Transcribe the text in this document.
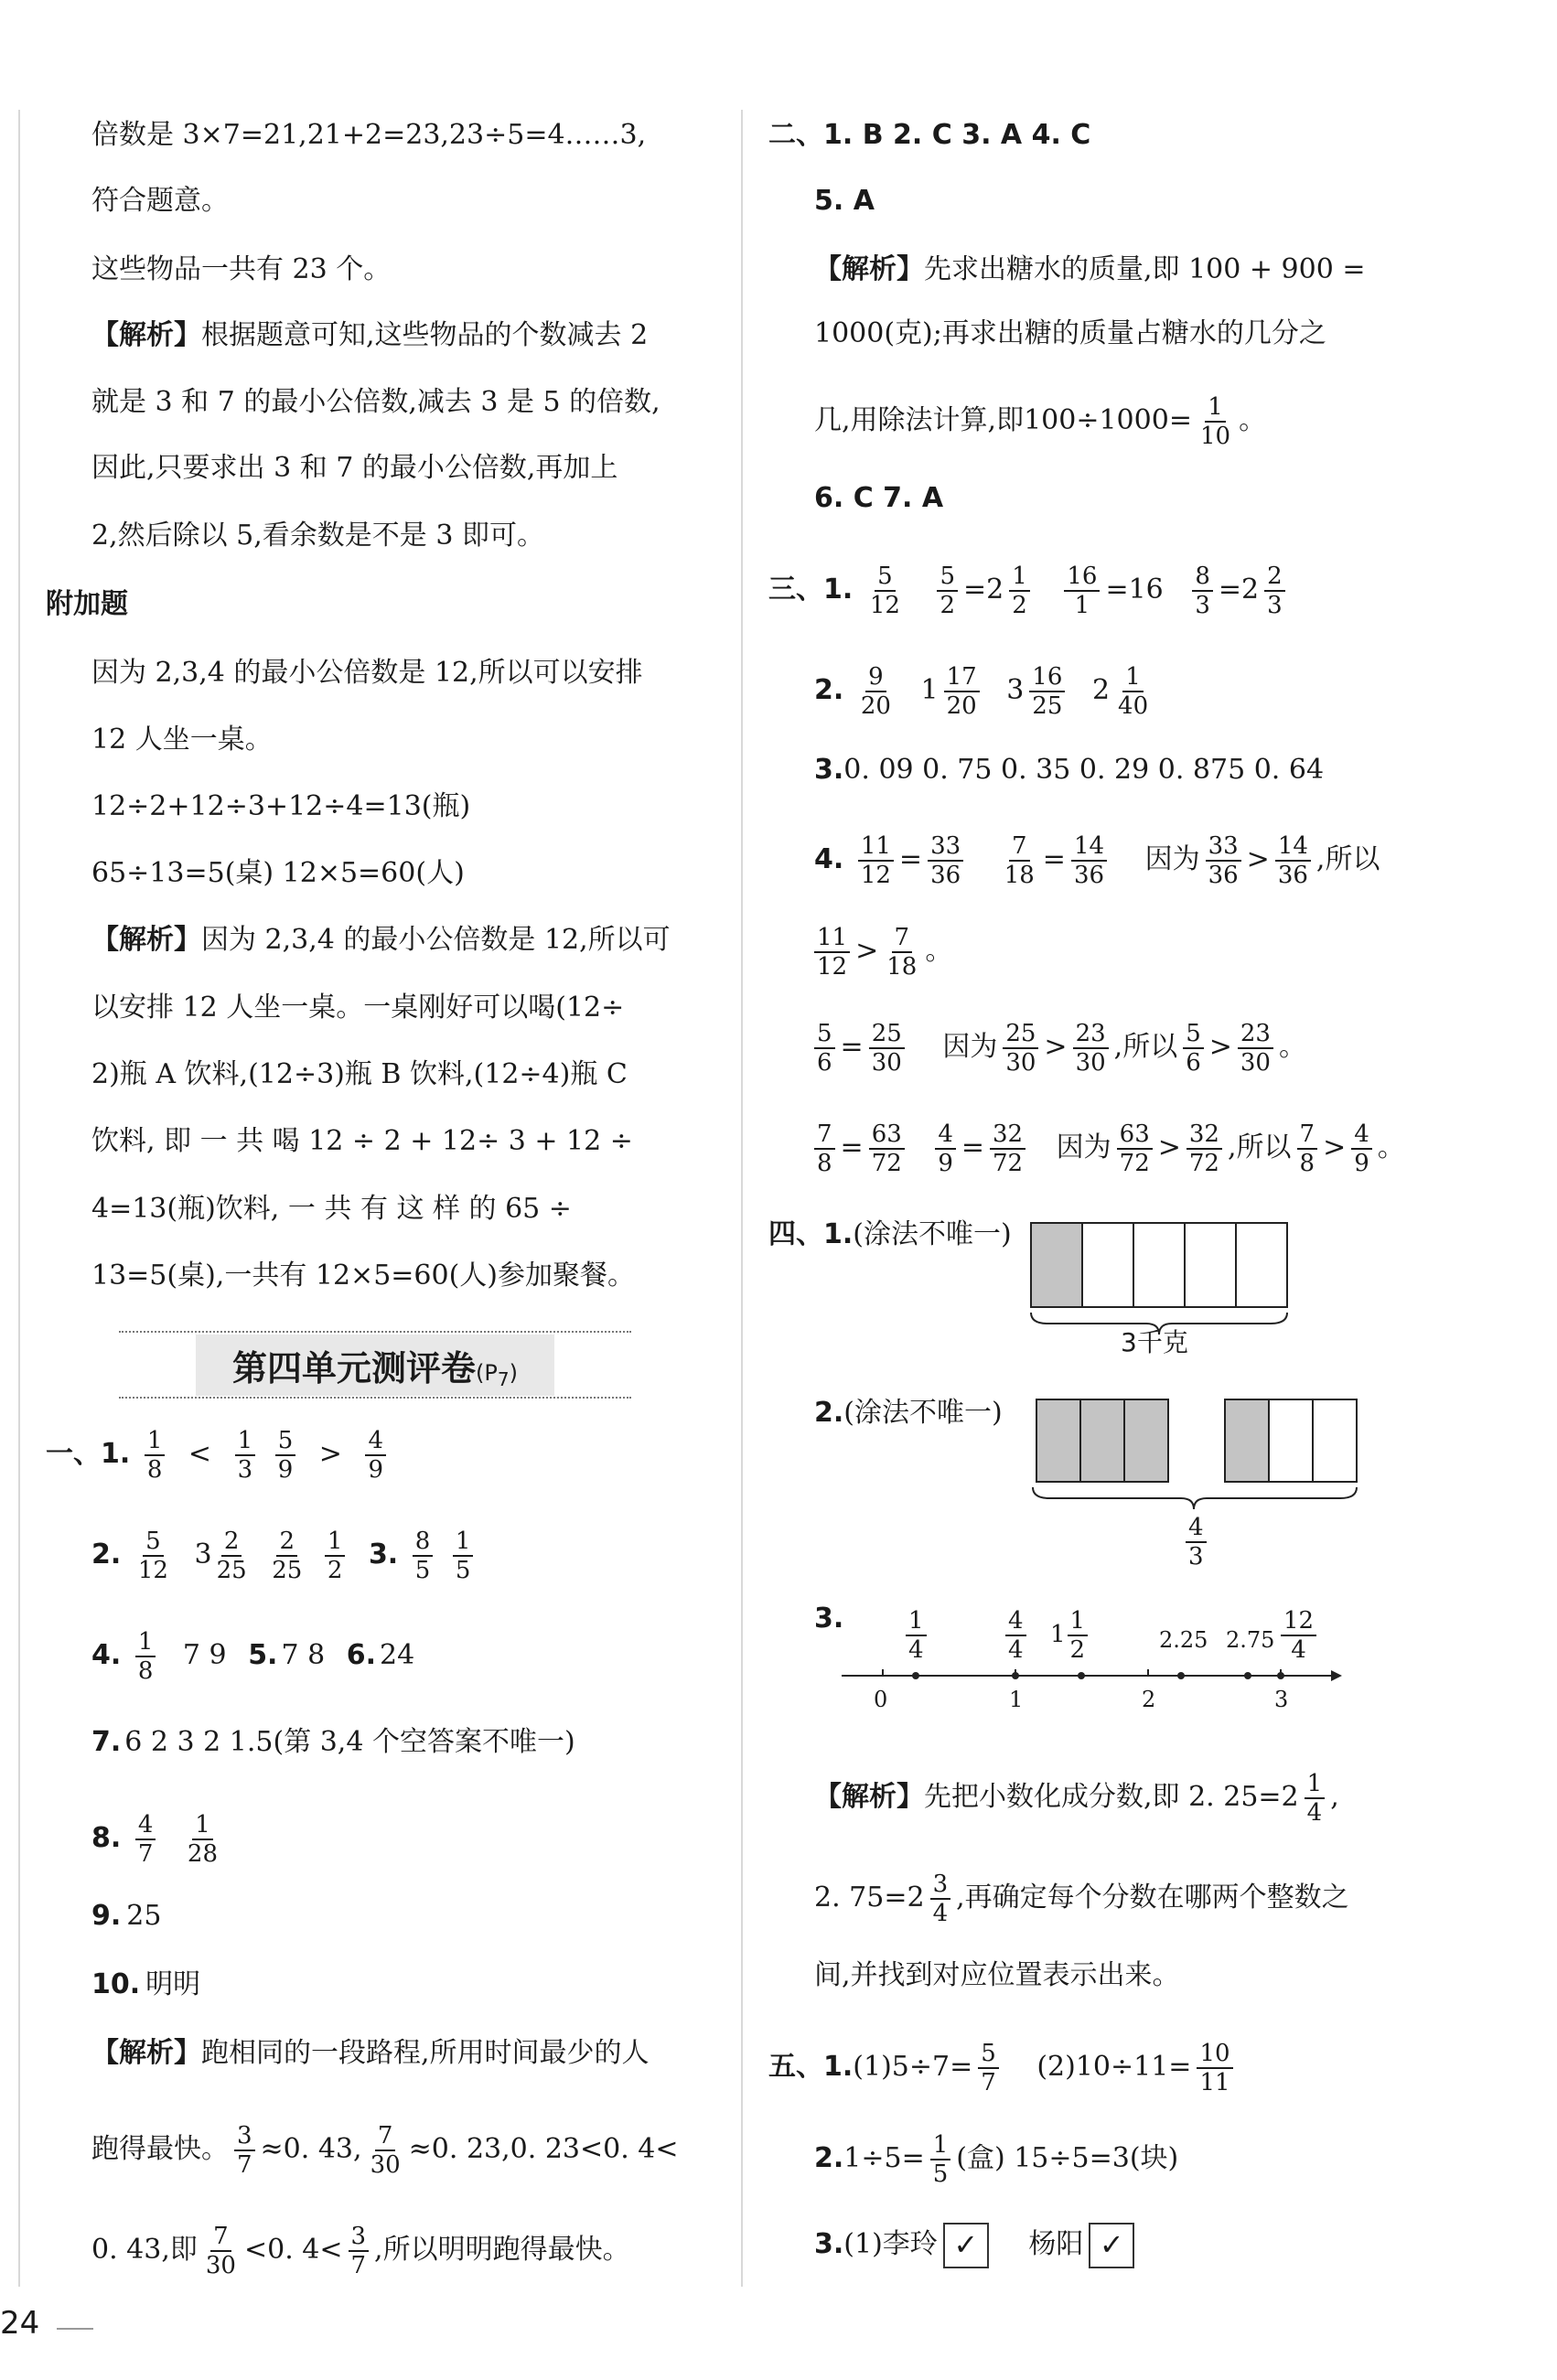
倍数是 3×7=21,21+2=23,23÷5=4……3,
符合题意。
这些物品一共有 23 个。
【解析】根据题意可知,这些物品的个数减去 2
就是 3 和 7 的最小公倍数,减去 3 是 5 的倍数,
因此,只要求出 3 和 7 的最小公倍数,再加上
2,然后除以 5,看余数是不是 3 即可。
附加题
因为 2,3,4 的最小公倍数是 12,所以可以安排
12 人坐一桌。
12÷2+12÷3+12÷4=13(瓶)
65÷13=5(桌) 12×5=60(人)
【解析】因为 2,3,4 的最小公倍数是 12,所以可
以安排 12 人坐一桌。一桌刚好可以喝(12÷
2)瓶 A 饮料,(12÷3)瓶 B 饮料,(12÷4)瓶 C
饮料, 即 一 共 喝 12 ÷ 2 + 12÷ 3 + 12 ÷
4=13(瓶)饮料, 一 共 有 这 样 的 65 ÷
13=5(桌),一共有 12×5=60(人)参加聚餐。
第四单元测评卷$(P_7)$
一、1. $\frac{1}{8} < \frac{1}{3}$
$\frac{5}{9} > \frac{4}{9}$
2. $\frac{5}{12} 3 \frac{2}{25}$
$\frac{2}{25}$
$\frac{1}{2} 3$. $\frac{8}{5}$
$\frac{1}{5}$
4. $\frac{1}{8} 7$ 9 5. 7 8 6. 24
7. 6 2 3 2 1.5(第 3,4 个空答案不唯一)
8. $\frac{4}{7}$
$\frac{1}{28}$
9. 25
10. 明明
【解析】跑相同的一段路程,所用时间最少的人
跑得最快。 $\frac{3}{7} \approx 0$. 43, $\frac{7}{30} \approx 0$. 23,0. 23<0. 4<
0. 43,即 $\frac{7}{30} <0$. $4< \frac{3}{7}$ ,所以明明跑得最快。
二、1. B 2. C 3. A 4. C
5. A
【解析】先求出糖水的质量,即 100 + 900 =
1000(克);再求出糖的质量占糖水的几分之
几,用除法计算,即$100\div 1000= \frac{1}{10}$ 。
6. C 7. A
三、1. $\frac{5}{12}$
$\frac{5}{2} =2 \frac{1}{2}$
$\frac{16}{1} =16 \frac{8}{3} =2 \frac{2}{3}$
2. $\frac{9}{20} 1 \frac{17}{20} 3 \frac{16}{25} 2 \frac{1}{40}$
3.0. 09 0. 75 0. 35 0. 29 0. 875 0. 64
4. $\frac{11}{12} = \frac{33}{36}$
$\frac{7}{18} = \frac{14}{36}$ 因为 $\frac{33}{36} > \frac{14}{36}$ ,所以
$\frac{11}{12} > \frac{7}{18}$ 。
$\frac{5}{6} = \frac{25}{30}$ 因为 $\frac{25}{30} > \frac{23}{30}$ ,所以 $\frac{5}{6} > \frac{23}{30}$ 。
$\frac{7}{8} = \frac{63}{72}$
$\frac{4}{9} = \frac{32}{72}$ 因为 $\frac{63}{72} > \frac{32}{72}$ ,所以 $\frac{7}{8} > \frac{4}{9}$ 。
四、1.(涂法不唯一)
3千克
2.(涂法不唯一)
$\frac{4}{3}$
3.
0	1	2	3
$\frac{1}{4}$	$\frac{4}{4} 1 \frac{1}{2}$	2.25 $2.75 \frac{12}{4}$
【解析】先把小数化成分数,即 2. $25=2 \frac{1}{4}$ ,
2. $75=2 \frac{3}{4}$ ,再确定每个分数在哪两个整数之
间,并找到对应位置表示出来。
五、$1.(1)5\div 7= \frac{5}{7} (2)10\div 11= \frac{10}{11}$
$2.1\div 5= \frac{1}{5}$ (盒) 15÷5=3(块)
3.(1)李玲 ✓ 杨阳 ✓
24
